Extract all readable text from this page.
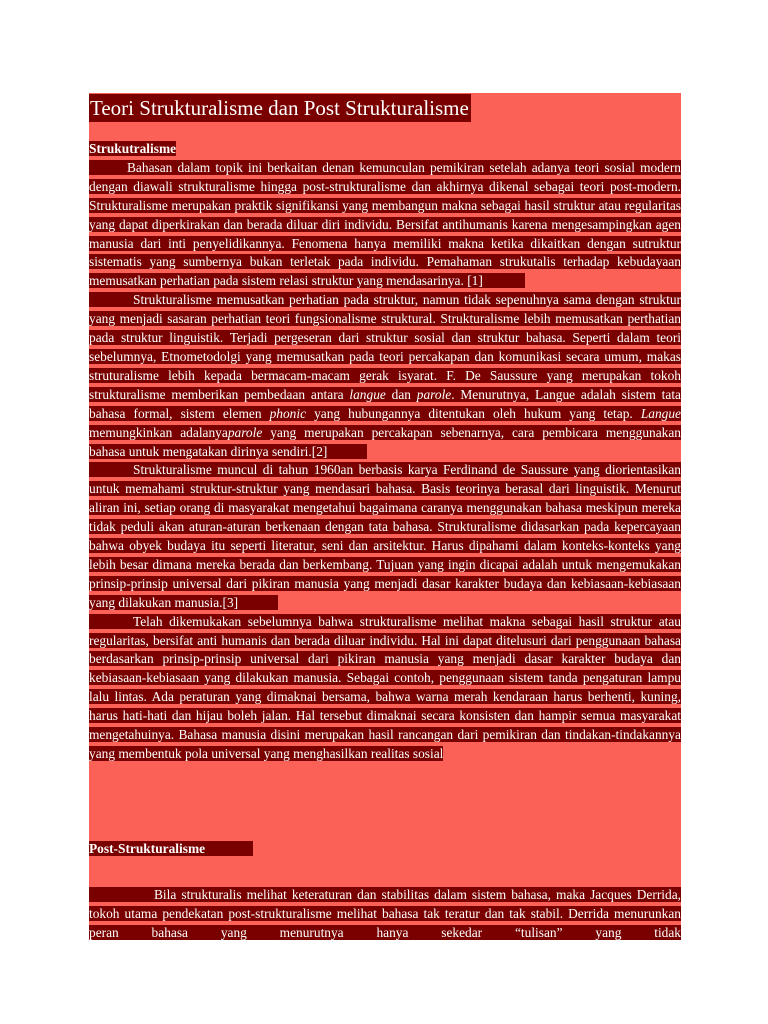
Teori Strukturalisme dan Post Strukturalisme

Strukutralisme

Bahasan dalam topik ini berkaitan denan kemunculan pemikiran setelah adanya teori sosial modern dengan diawali strukturalisme hingga post-strukturalisme dan akhirnya dikenal sebagai teori post-modern. Strukturalisme merupakan praktik signifikansi yang membangun makna sebagai hasil struktur atau regularitas yang dapat diperkirakan dan berada diluar diri individu. Bersifat antihumanis karena mengesampingkan agen manusia dari inti penyelidikannya. Fenomena hanya memiliki makna ketika dikaitkan dengan sutruktur sistematis yang sumbernya bukan terletak pada individu. Pemahaman strukutalis terhadap kebudayaan memusatkan perhatian pada sistem relasi struktur yang mendasarinya. [1]

Strukturalisme memusatkan perhatian pada struktur, namun tidak sepenuhnya sama dengan struktur yang menjadi sasaran perhatian teori fungsionalisme struktural. Strukturalisme lebih memusatkan perthatian pada struktur linguistik. Terjadi pergeseran dari struktur sosial dan struktur bahasa. Seperti dalam teori sebelumnya, Etnometodolgi yang memusatkan pada teori percakapan dan komunikasi secara umum, makas struturalisme lebih kepada bermacam-macam gerak isyarat. F. De Saussure yang merupakan tokoh strukturalisme memberikan pembedaan antara langue dan parole. Menurutnya, Langue adalah sistem tata bahasa formal, sistem elemen phonic yang hubungannya ditentukan oleh hukum yang tetap. Langue memungkinkan adalanyaparole yang merupakan percakapan sebenarnya, cara pembicara menggunakan bahasa untuk mengatakan dirinya sendiri.[2]

Strukturalisme muncul di tahun 1960an berbasis karya Ferdinand de Saussure yang diorientasikan untuk memahami struktur-struktur yang mendasari bahasa. Basis teorinya berasal dari linguistik. Menurut aliran ini, setiap orang di masyarakat mengetahui bagaimana caranya menggunakan bahasa meskipun mereka tidak peduli akan aturan-aturan berkenaan dengan tata bahasa. Strukturalisme didasarkan pada kepercayaan bahwa obyek budaya itu seperti literatur, seni dan arsitektur. Harus dipahami dalam konteks-konteks yang lebih besar dimana mereka berada dan berkembang. Tujuan yang ingin dicapai adalah untuk mengemukakan prinsip-prinsip universal dari pikiran manusia yang menjadi dasar karakter budaya dan kebiasaan-kebiasaan yang dilakukan manusia.[3]

Telah dikemukakan sebelumnya bahwa strukturalisme melihat makna sebagai hasil struktur atau regularitas, bersifat anti humanis dan berada diluar individu. Hal ini dapat ditelusuri dari penggunaan bahasa berdasarkan prinsip-prinsip universal dari pikiran manusia yang menjadi dasar karakter budaya dan kebiasaan-kebiasaan yang dilakukan manusia. Sebagai contoh, penggunaan sistem tanda pengaturan lampu lalu lintas. Ada peraturan yang dimaknai bersama, bahwa warna merah kendaraan harus berhenti, kuning, harus hati-hati dan hijau boleh jalan. Hal tersebut dimaknai secara konsisten dan hampir semua masyarakat mengetahuinya. Bahasa manusia disini merupakan hasil rancangan dari pemikiran dan tindakan-tindakannya yang membentuk pola universal yang menghasilkan realitas sosial

Post-Strukturalisme

Bila strukturalis melihat keteraturan dan stabilitas dalam sistem bahasa, maka Jacques Derrida, tokoh utama pendekatan post-strukturalisme melihat bahasa tak teratur dan tak stabil. Derrida menurunkan peran bahasa yang menurutnya hanya sekedar “tulisan” yang tidak
